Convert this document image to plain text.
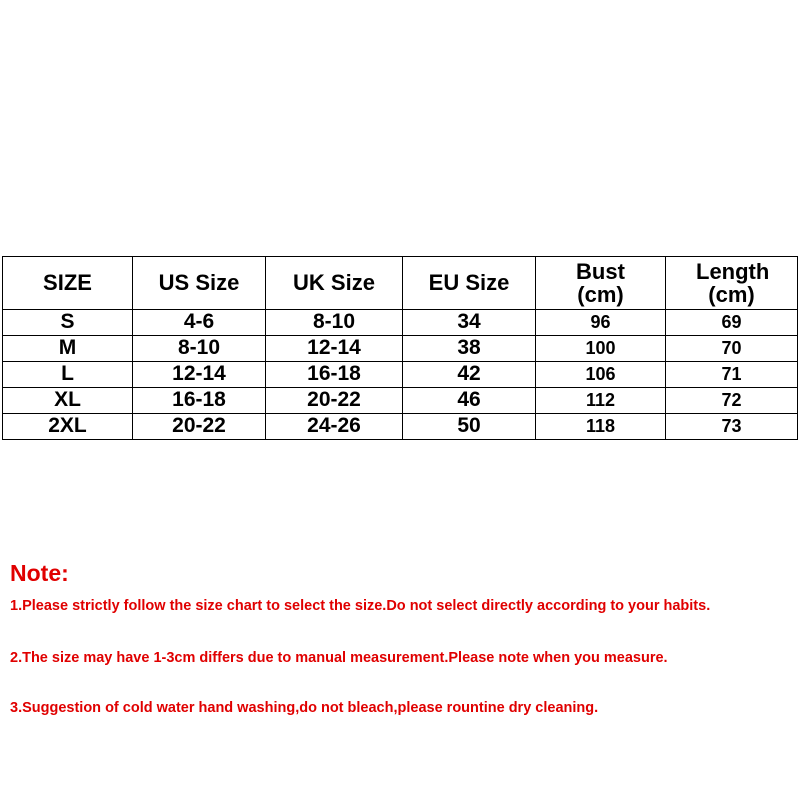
SIZE	US Size	UK Size	EU Size	Bust (cm)	Length (cm)
S	4-6	8-10	34	96	69
M	8-10	12-14	38	100	70
L	12-14	16-18	42	106	71
XL	16-18	20-22	46	112	72
2XL	20-22	24-26	50	118	73
Note:
1.Please strictly follow the size chart to select the size.Do not select directly according to your habits.
2.The size may have 1-3cm differs due to manual measurement.Please note when you measure.
3.Suggestion of cold water hand washing,do not bleach,please rountine dry cleaning.
